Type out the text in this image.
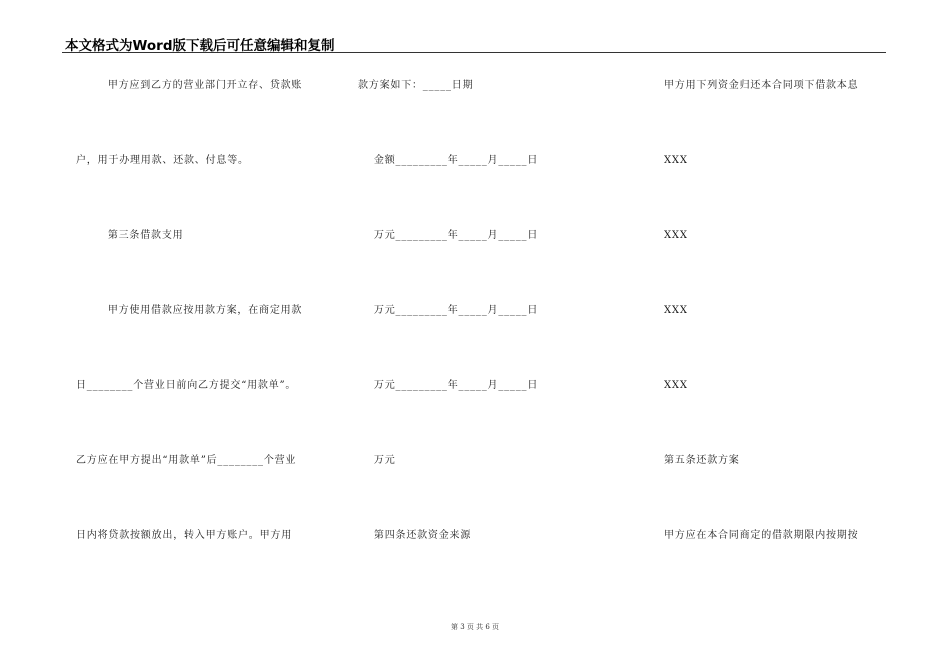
本文格式为Word版下载后可任意编辑和复制
甲方应到乙方的营业部门开立存、贷款账
户，用于办理用款、还款、付息等。
第三条借款支用
甲方使用借款应按用款方案，在商定用款
日________个营业日前向乙方提交“用款单”。
乙方应在甲方提出“用款单”后________个营业
日内将贷款按额放出，转入甲方账户。甲方用
款方案如下：_____日期
金额_________年_____月_____日
万元_________年_____月_____日
万元_________年_____月_____日
万元_________年_____月_____日
万元
第四条还款资金来源
甲方用下列资金归还本合同项下借款本息
XXX
XXX
XXX
XXX
第五条还款方案
甲方应在本合同商定的借款期限内按期按
第 3 页 共 6 页
